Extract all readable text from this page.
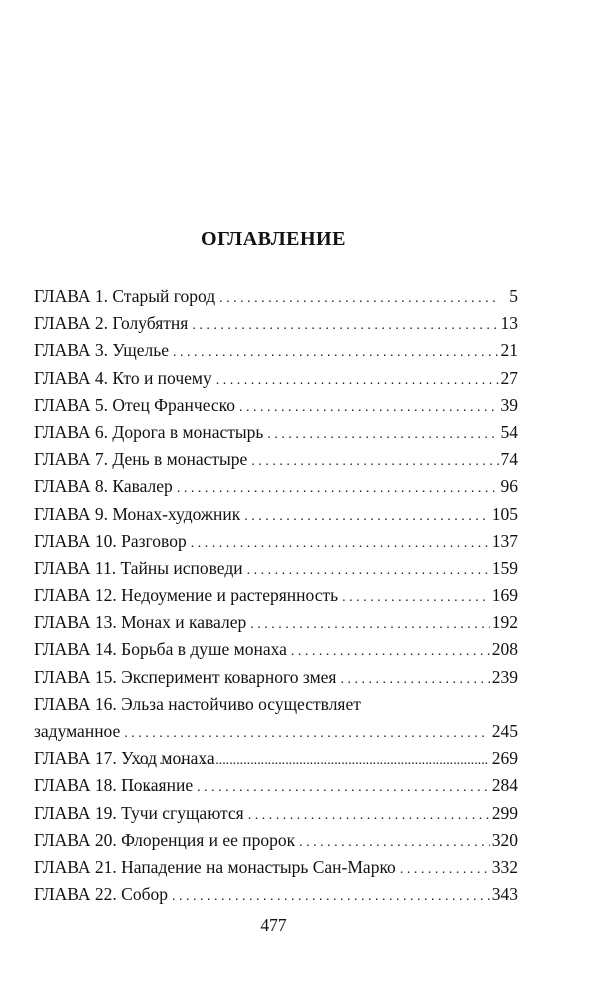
ОГЛАВЛЕНИЕ
ГЛАВА 1. Старый город . . .	5
ГЛАВА 2. Голубятня . . .	13
ГЛАВА 3. Ущелье . . .	21
ГЛАВА 4. Кто и почему . . .	27
ГЛАВА 5. Отец Франческо . . .	39
ГЛАВА 6. Дорога в монастырь . . .	54
ГЛАВА 7. День в монастыре . . .	74
ГЛАВА 8. Кавалер . . .	96
ГЛАВА 9. Монах-художник . . .	105
ГЛАВА 10. Разговор . . .	137
ГЛАВА 11. Тайны исповеди . . .	159
ГЛАВА 12. Недоумение и растерянность . . .	169
ГЛАВА 13. Монах и кавалер . . .	192
ГЛАВА 14. Борьба в душе монаха . . .	208
ГЛАВА 15. Эксперимент коварного змея . . .	239
ГЛАВА 16. Эльза настойчиво осуществляет
задуманное . . .	245
ГЛАВА 17. Уход монаха . . .	269
ГЛАВА 18. Покаяние . . .	284
ГЛАВА 19. Тучи сгущаются . . .	299
ГЛАВА 20. Флоренция и ее пророк . . .	320
ГЛАВА 21. Нападение на монастырь Сан-Марко . . .	332
ГЛАВА 22. Собор . . .	343
477
